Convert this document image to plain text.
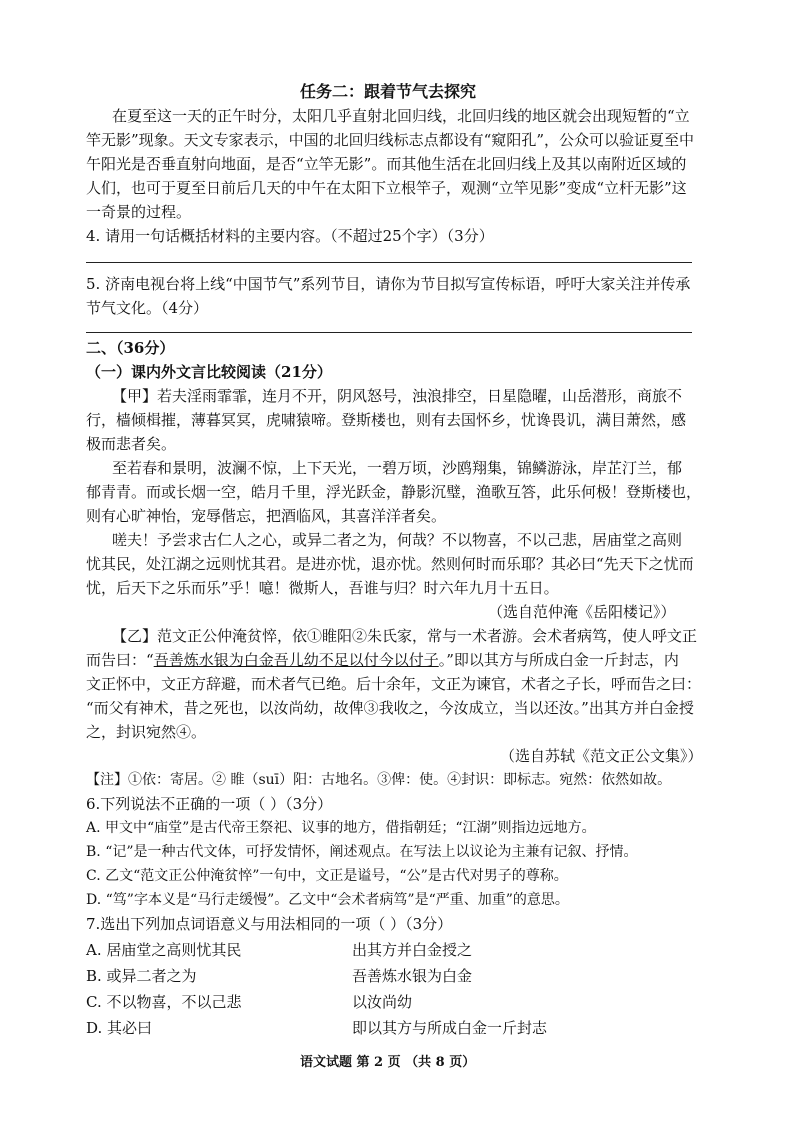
任务二：跟着节气去探究
在夏至这一天的正午时分，太阳几乎直射北回归线，北回归线的地区就会出现短暂的“立
竿无影”现象。天文专家表示，中国的北回归线标志点都设有“窥阳孔”，公众可以验证夏至中
午阳光是否垂直射向地面，是否“立竿无影”。而其他生活在北回归线上及其以南附近区域的
人们，也可于夏至日前后几天的中午在太阳下立根竿子，观测“立竿见影”变成“立杆无影”这
一奇景的过程。
4. 请用一句话概括材料的主要内容。（不超过25个字）（3分）
5. 济南电视台将上线“中国节气”系列节目，请你为节目拟写宣传标语，呼吁大家关注并传承
节气文化。（4分）
二、（36分）
（一）课内外文言比较阅读（21分）
【甲】若夫淫雨霏霏，连月不开，阴风怒号，浊浪排空，日星隐曜，山岳潜形，商旅不
行，樯倾楫摧，薄暮冥冥，虎啸猿啼。登斯楼也，则有去国怀乡，忧谗畏讥，满目萧然，感
极而悲者矣。
至若春和景明，波澜不惊，上下天光，一碧万顷，沙鸥翔集，锦鳞游泳，岸芷汀兰，郁
郁青青。而或长烟一空，皓月千里，浮光跃金，静影沉璧，渔歌互答，此乐何极！登斯楼也，
则有心旷神怡，宠辱偕忘，把酒临风，其喜洋洋者矣。
嗟夫！予尝求古仁人之心，或异二者之为，何哉？不以物喜，不以己悲，居庙堂之高则
忧其民，处江湖之远则忧其君。是进亦忧，退亦忧。然则何时而乐耶？其必曰“先天下之忧而
忧，后天下之乐而乐”乎！噫！微斯人，吾谁与归？时六年九月十五日。
（选自范仲淹《岳阳楼记》）
【乙】范文正公仲淹贫悴，依①睢阳②朱氏家，常与一术者游。会术者病笃，使人呼文正
而告曰：“吾善炼水银为白金吾儿幼不足以付今以付子。”即以其方与所成白金一斤封志，内
文正怀中，文正方辞避，而术者气已绝。后十余年，文正为谏官，术者之子长，呼而告之曰：
“而父有神术，昔之死也，以汝尚幼，故俾③我收之，今汝成立，当以还汝。”出其方并白金授
之，封识宛然④。
（选自苏轼《范文正公文集》）
【注】①依：寄居。② 睢（suī）阳：古地名。③俾：使。④封识：即标志。宛然：依然如故。
6.下列说法不正确的一项（ ）（3分）
A. 甲文中“庙堂”是古代帝王祭祀、议事的地方，借指朝廷；“江湖”则指边远地方。
B. “记”是一种古代文体，可抒发情怀，阐述观点。在写法上以议论为主兼有记叙、抒情。
C. 乙文“范文正公仲淹贫悴”一句中，文正是谥号，“公”是古代对男子的尊称。
D. “笃”字本义是“马行走缓慢”。乙文中“会术者病笃”是“严重、加重”的意思。
7.选出下列加点词语意义与用法相同的一项（ ）（3分）
A. 居庙堂之高则忧其民	出其方并白金授之
B. 或异二者之为	吾善炼水银为白金
C. 不以物喜，不以己悲	以汝尚幼
D. 其必曰	即以其方与所成白金一斤封志
语文试题 第 2 页 （共 8 页）
